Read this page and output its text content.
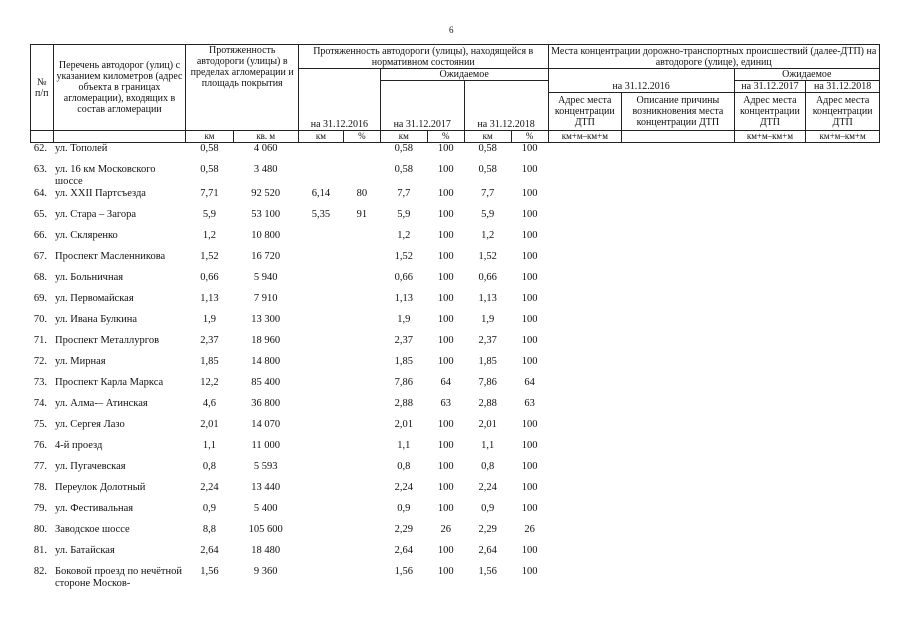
6
№ п/п	Перечень автодорог (улиц) с указанием километров (адрес объекта в границах агломерации), входящих в состав агломерации	Протяженность автодороги (улицы) в пределах агломерации и площадь покрытия		Протяженность автодороги (улицы), находящейся в нормативном состоянии						Места концентрации дорожно-транспортных происшествий (далее-ДТП) на автодороге (улице), единиц			
				на 31.12.2016		Ожидаемое						Ожидаемое	
						на 31.12.2017		на 31.12.2018		на 31.12.2016		на 31.12.2017	на 31.12.2018
										Адрес места концентрации ДТП	Описание причины возникновения места концентрации ДТП	Адрес места концентрации ДТП	Адрес места концентрации ДТП
		км	кв. м	км	%	км	%	км	%	км+м–км+м		км+м–км+м	км+м–км+м
62.	ул. Тополей	0,58	4 060			0,58	100	0,58	100				
63.	ул. 16 км Московского шоссе	0,58	3 480			0,58	100	0,58	100				
64.	ул. XXII Партсъезда	7,71	92 520	6,14	80	7,7	100	7,7	100				
65.	ул. Стара – Загора	5,9	53 100	5,35	91	5,9	100	5,9	100				
66.	ул. Скляренко	1,2	10 800			1,2	100	1,2	100				
67.	Проспект Масленникова	1,52	16 720			1,52	100	1,52	100				
68.	ул. Больничная	0,66	5 940			0,66	100	0,66	100				
69.	ул. Первомайская	1,13	7 910			1,13	100	1,13	100				
70.	ул. Ивана Булкина	1,9	13 300			1,9	100	1,9	100				
71.	Проспект Металлургов	2,37	18 960			2,37	100	2,37	100				
72.	ул. Мирная	1,85	14 800			1,85	100	1,85	100				
73.	Проспект Карла Маркса	12,2	85 400			7,86	64	7,86	64				
74.	ул. Алма-– Атинская	4,6	36 800			2,88	63	2,88	63				
75.	ул. Сергея Лазо	2,01	14 070			2,01	100	2,01	100				
76.	4-й проезд	1,1	11 000			1,1	100	1,1	100				
77.	ул. Пугачевская	0,8	5 593			0,8	100	0,8	100				
78.	Переулок Долотный	2,24	13 440			2,24	100	2,24	100				
79.	ул. Фестивальная	0,9	5 400			0,9	100	0,9	100				
80.	Заводское шоссе	8,8	105 600			2,29	26	2,29	26				
81.	ул. Батайская	2,64	18 480			2,64	100	2,64	100				
82.	Боковой проезд по нечётной стороне Москов-	1,56	9 360			1,56	100	1,56	100				
